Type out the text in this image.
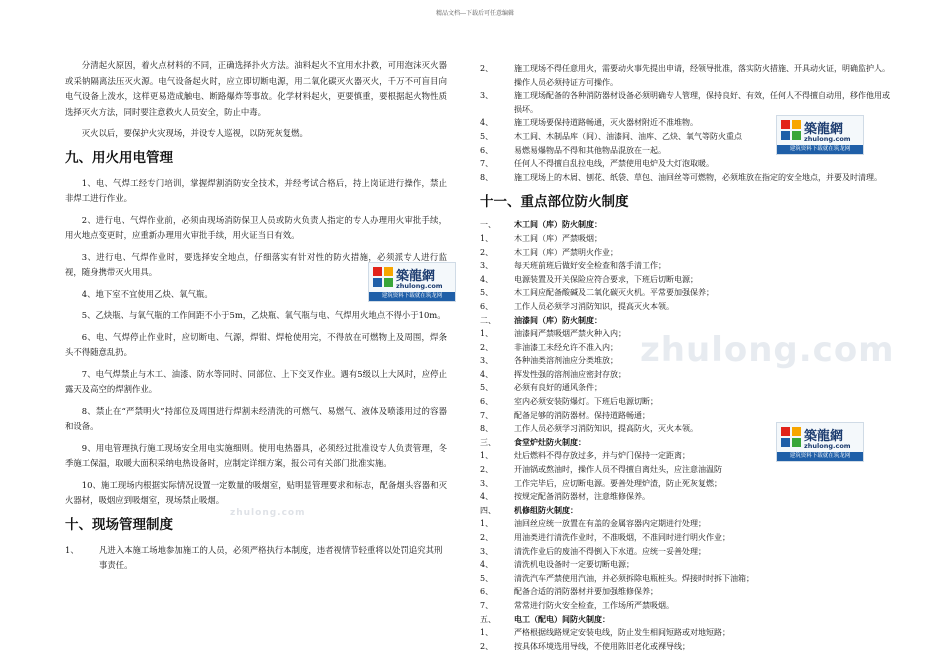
精品文档---下载后可任意编辑

分清起火原因，着火点材料的不同，正确选择扑火方法。油料起火不宜用水扑救，可用泡沫灭火器或采钠隔离法压灭火源。电气设备起火时，应立即切断电源，用二氧化碳灭火器灭火，千万不可盲目向电气设备上泼水，这样更易造成触电、断路爆炸等事故。化学材料起火，更要慎重，要根据起火物性质选择灭火方法，同时要注意救火人员安全，防止中毒。

灭火以后，要保护火灾现场，并设专人巡视，以防死灰复燃。

九、用火用电管理

1、电、气焊工经专门培训，掌握焊割消防安全技术，并经考试合格后，持上岗证进行操作，禁止非焊工进行作业。

2、进行电、气焊作业前，必须由现场消防保卫人员或防火负责人指定的专人办理用火审批手续，用火地点变更时，应重新办理用火审批手续，用火证当日有效。

3、进行电、气焊作业时，要选择安全地点，仔细落实有针对性的防火措施，必须派专人进行监视，随身携带灭火用具。

4、地下室不宜使用乙炔、氧气瓶。

5、乙炔瓶、与氧气瓶的工作间距不小于5m，乙炔瓶、氧气瓶与电、气焊用火地点不得小于10m。

6、电、气焊停止作业时，应切断电、气源，焊钳、焊枪使用完，不得放在可燃物上及周围，焊条头不得随意乱扔。

7、电气焊禁止与木工、油漆、防水等同时、同部位、上下交叉作业。遇有5级以上大风时，应停止露天及高空的焊割作业。

8、禁止在“严禁明火”持部位及周围进行焊割未经清洗的可燃气、易燃气、液体及喷漆用过的容器和设备。

9、用电管理执行施工现场安全用电实施细则。使用电热器具，必须经过批准设专人负责管理，冬季施工保温，取暖大面积采纳电热设备时，应制定详细方案，报公司有关部门批准实施。

10、施工现场内根据实际情况设置一定数量的吸烟室，贴明显管理要求和标志，配备烟头容器和灭火器材，吸烟应到吸烟室，现场禁止吸烟。

十、现场管理制度
1、	凡进入本施工场地参加施工的人员，必须严格执行本制度，违者视情节轻重将以处罚追究其刑事责任。
2、	施工现场不得任意用火，需要动火事先提出申请，经领导批准，落实防火措施、开具动火证，明确监护人。操作人员必须持证方可操作。
3、	施工现场配备的各种消防器材设备必须明确专人管理，保持良好、有效，任何人不得擅自动用，移作他用或损坏。
4、	施工现场要保持道路畅通，灭火器材附近不准堆物。
5、	木工间、木制品库（间）、油漆间、油库、乙炔、氧气等防火重点
6、	易燃易爆物品不得和其他物品混放在一起。
7、	任何人不得擅自乱拉电线，严禁使用电炉及大灯泡取暖。
8、	施工现场上的木屑、刨花、纸袋、草包、油回丝等可燃物，必须堆放在指定的安全地点，并要及时清理。
十一、重点部位防火制度
一、	木工间（库）防火制度：
1、	木工间（库）严禁吸烟；
2、	木工间（库）严禁明火作业；
3、	每天班前班后做好安全检查和落手清工作；
4、	电源装置及开关保险应符合要求，下班后切断电源；
5、	木工间应配备酸碱及二氧化碳灭火机。平常要加强保养；
6、	工作人员必须学习消防知识，提高灭火本领。
二、	油漆间（库）防火制度：
1、	油漆间严禁吸烟严禁火种入内；
2、	非油漆工未经允许不准入内；
3、	各种油类溶剂油应分类堆放；
4、	挥发性强的溶剂油应密封存放；
5、	必须有良好的通风条件；
6、	室内必须安装防爆灯。下班后电源切断；
7、	配备足够的消防器材。保持道路畅通；
8、	工作人员必须学习消防知识，提高防火，灭火本领。
三、	食堂炉灶防火制度：
1、	灶后燃料不得存放过多，并与炉门保持一定距离；
2、	开油锅或熬油时，操作人员不得擅自离灶头，应注意油温防
3、	工作完毕后，应切断电源。要善处理炉渣，防止死灰复燃；
4、	按规定配备消防器材，注意维修保养。
四、	机修组防火制度：
1、	油回丝应统一放置在有盖的金属容器内定期进行处理；
2、	用油类进行清洗作业时，不准吸烟，不准同时进行明火作业；
3、	清洗作业后的废油不得倒入下水道。应统一妥善处理；
4、	清洗机电设备时一定要切断电源；
5、	清洗汽车严禁使用汽油，并必须拆除电瓶桩头。焊接时时拆下油箱；
6、	配备合适的消防器材并要加强维修保养；
7、	常常进行防火安全检查，工作场所严禁吸烟。
五、	电工（配电）间防火制度：
1、	严格根据线路规定安装电线，防止发生相间短路或对地短路；
2、	按具体环境选用导线，不使用陈旧老化或裸导线；
築龍網
zhulong.com
建筑资料下载就在筑龙网
築龍網
zhulong.com
建筑资料下载就在筑龙网
築龍網
zhulong.com
建筑资料下载就在筑龙网
zhulong.com
zhulong.com
